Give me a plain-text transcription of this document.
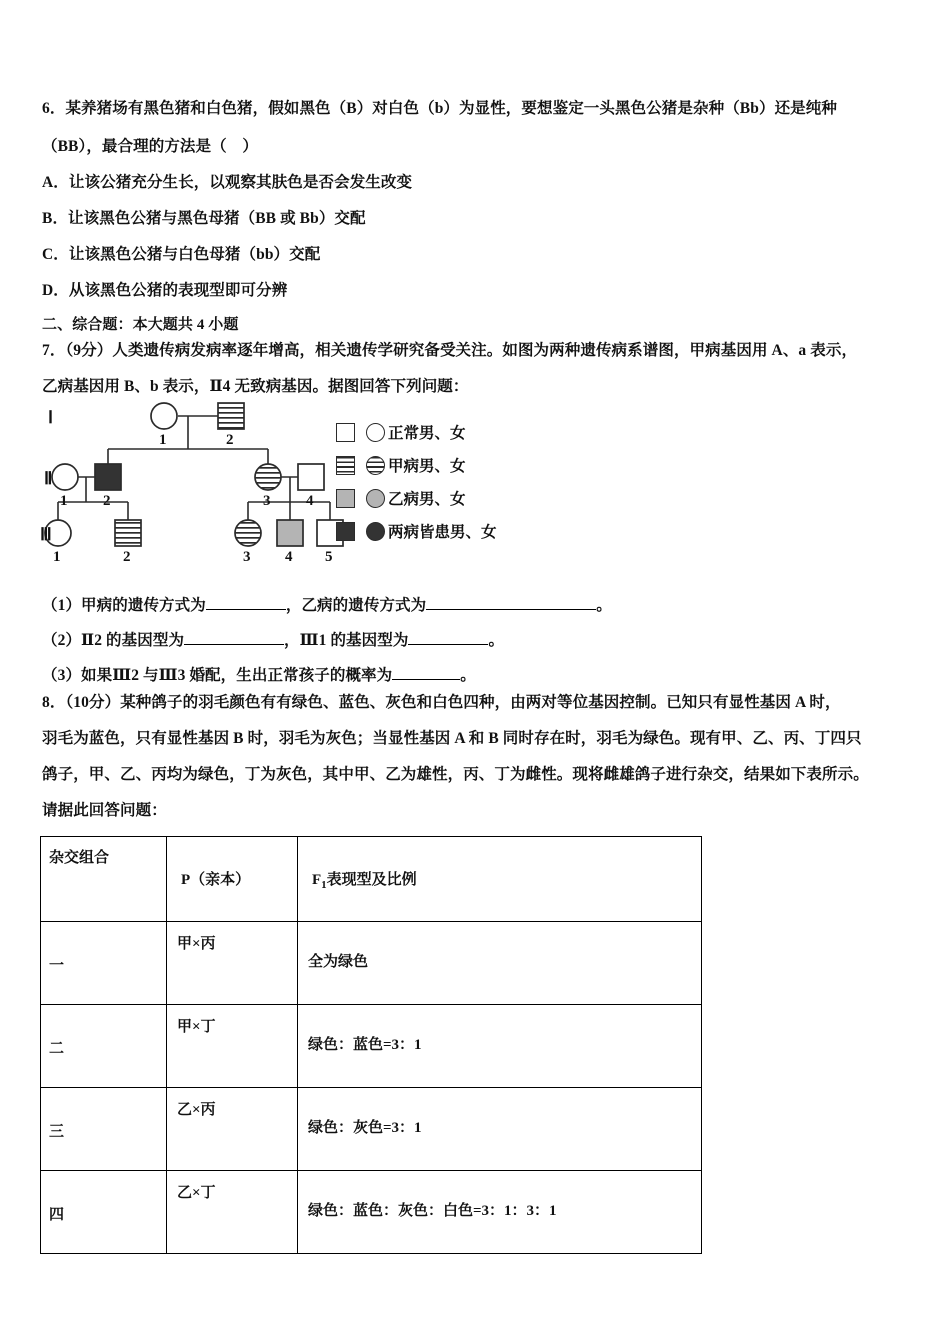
6．某养猪场有黑色猪和白色猪，假如黑色（B）对白色（b）为显性，要想鉴定一头黑色公猪是杂种（Bb）还是纯种
（BB），最合理的方法是（　）
A．让该公猪充分生长，以观察其肤色是否会发生改变
B．让该黑色公猪与黑色母猪（BB 或 Bb）交配
C．让该黑色公猪与白色母猪（bb）交配
D．从该黑色公猪的表现型即可分辨
二、综合题：本大题共 4 小题
7．（9分）人类遗传病发病率逐年增高，相关遗传学研究备受关注。如图为两种遗传病系谱图，甲病基因用 A、a 表示，
乙病基因用 B、b 表示，Ⅱ4 无致病基因。据图回答下列问题：
Ⅰ
Ⅱ
Ⅲ
1	2
1 2	3 4
1	2	3 4 5
正常男、女
甲病男、女
乙病男、女
两病皆患男、女
（1）甲病的遗传方式为	，乙病的遗传方式为	。
（2）Ⅱ2 的基因型为	，Ⅲ1 的基因型为	。
（3）如果Ⅲ2 与Ⅲ3 婚配，生出正常孩子的概率为	。
8．（10分）某种鸽子的羽毛颜色有有绿色、蓝色、灰色和白色四种，由两对等位基因控制。已知只有显性基因 A 时，
羽毛为蓝色，只有显性基因 B 时，羽毛为灰色；当显性基因 A 和 B 同时存在时，羽毛为绿色。现有甲、乙、丙、丁四只
鸽子，甲、乙、丙均为绿色，丁为灰色，其中甲、乙为雄性，丙、丁为雌性。现将雌雄鸽子进行杂交，结果如下表所示。
请据此回答问题：
杂交组合	P（亲本）	$F_1$表现型及比例

一	甲×丙	全为绿色

二	甲×丁	绿色：蓝色=3：1

三	乙×丙	绿色：灰色=3：1

四	乙×丁	绿色：蓝色：灰色：白色=3：1：3：1
